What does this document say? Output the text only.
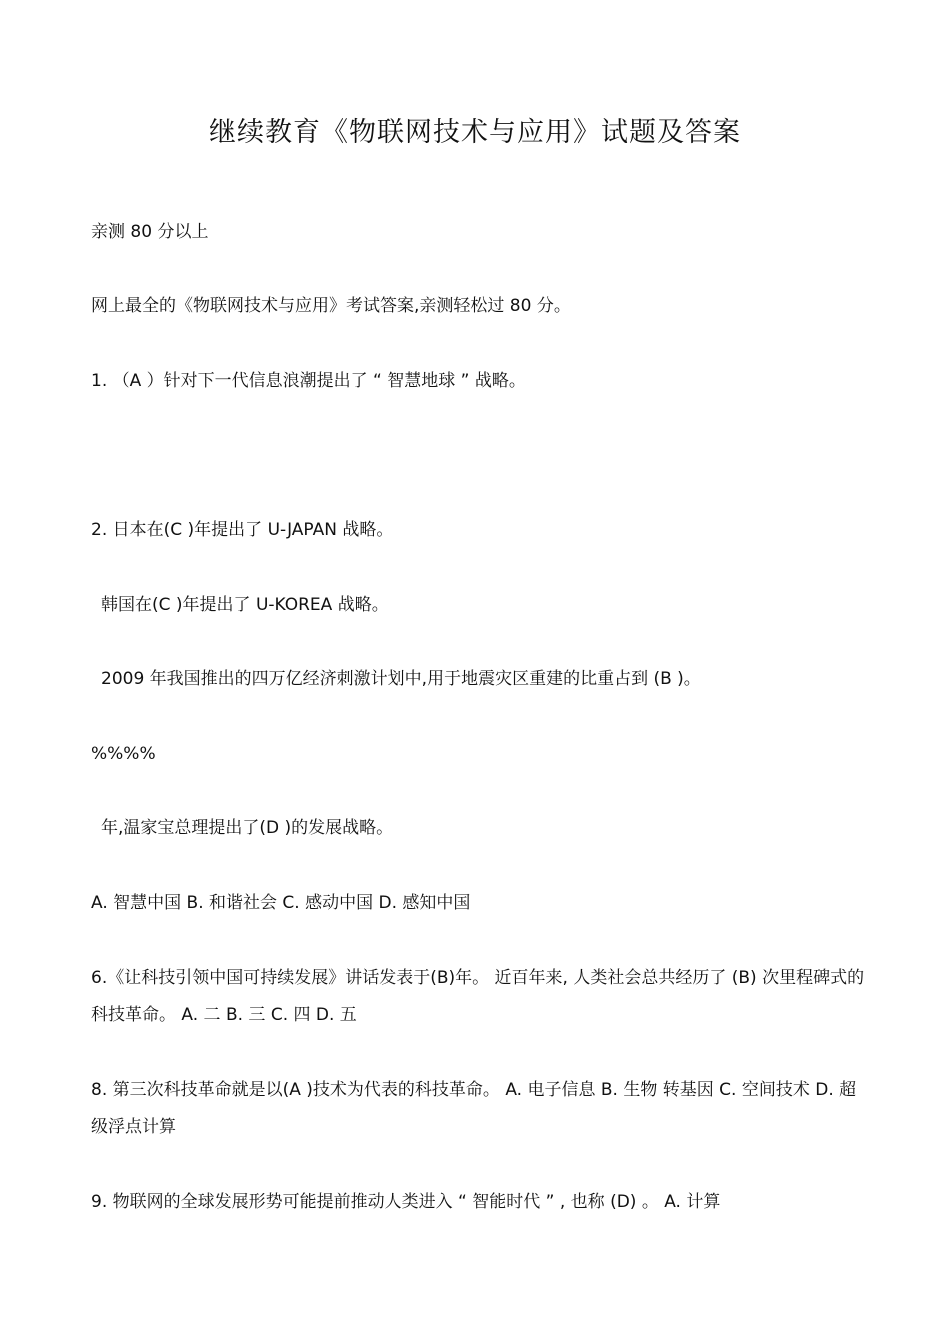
继续教育《物联网技术与应用》试题及答案
亲测 80 分以上
网上最全的《物联网技术与应用》考试答案,亲测轻松过 80 分。
1. （A ）针对下一代信息浪潮提出了 “ 智慧地球 ” 战略。
2. 日本在(C )年提出了 U-JAPAN 战略。
韩国在(C )年提出了 U-KOREA 战略。
2009 年我国推出的四万亿经济刺激计划中,用于地震灾区重建的比重占到 (B )。
%%%%
年,温家宝总理提出了(D )的发展战略。
A. 智慧中国 B. 和谐社会 C. 感动中国 D. 感知中国
6.《让科技引领中国可持续发展》讲话发表于(B)年。 近百年来, 人类社会总共经历了 (B) 次里程碑式的科技革命。 A. 二 B. 三 C. 四 D. 五
8. 第三次科技革命就是以(A )技术为代表的科技革命。 A. 电子信息 B. 生物 转基因 C. 空间技术 D. 超级浮点计算
9. 物联网的全球发展形势可能提前推动人类进入 “ 智能时代 ” , 也称 (D) 。 A. 计算
